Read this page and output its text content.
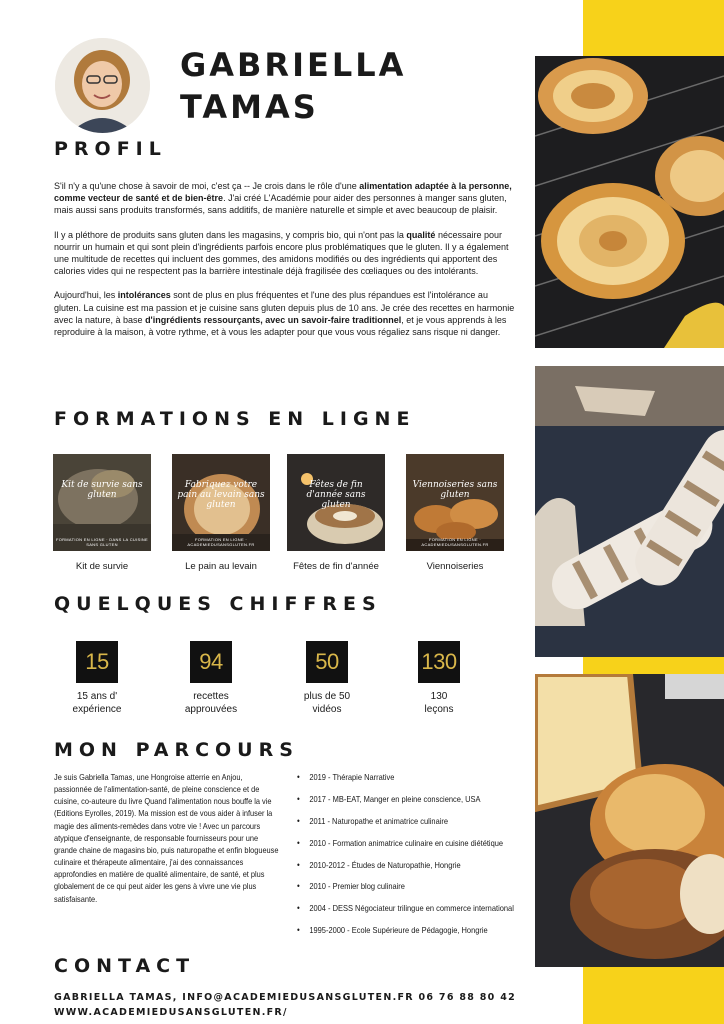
GABRIELLA
TAMAS
PROFIL

S'il n'y a qu'une chose à savoir de moi, c'est ça -- Je crois dans le rôle d'une alimentation adaptée à la personne, comme vecteur de santé et de bien-être. J'ai créé L'Académie pour aider des personnes à manger sans gluten, mais aussi sans produits transformés, sans additifs, de manière naturelle et simple et avec beaucoup de plaisir.

Il y a pléthore de produits sans gluten dans les magasins, y compris bio, qui n'ont pas la qualité nécessaire pour nourrir un humain et qui sont plein d'ingrédients parfois encore plus problématiques que le gluten. Il y a également une multitude de recettes qui incluent des gommes, des amidons modifiés ou des ingrédients qui apportent des calories vides qui ne respectent pas la barrière intestinale déjà fragilisée des cœliaques ou des intolérants.

Aujourd'hui, les intolérances sont de plus en plus fréquentes et l'une des plus répandues est l'intolérance au gluten. La cuisine est ma passion et je cuisine sans gluten depuis plus de 10 ans. Je crée des recettes en harmonie avec la nature, à base d'ingrédients ressourçants, avec un savoir-faire traditionnel, et je vous apprends à les reproduire à la maison, à votre rythme, et à vous les adapter pour que vous vous régaliez sans risque ni danger.

FORMATIONS EN LIGNE
Kit de survie sans gluten
FORMATION EN LIGNE · DANS LA CUISINE SANS GLUTEN
Kit de survie
Fabriquez votre pain au levain sans gluten
FORMATION EN LIGNE · ACADEMIEDUSANSGLUTEN.FR
Le pain au levain
Fêtes de fin d'année sans gluten
Fêtes de fin d'année
Viennoiseries sans gluten
FORMATION EN LIGNE · ACADEMIEDUSANSGLUTEN.FR
Viennoiseries
QUELQUES CHIFFRES
15
15 ans d'
expérience
94
recettes
approuvées
50
plus de 50
vidéos
130
130
leçons
MON PARCOURS
Je suis Gabriella Tamas, une Hongroise atterrie en Anjou, passionnée de l'alimentation-santé, de pleine conscience et de cuisine, co-auteure du livre Quand l'alimentation nous bouffe la vie (Editions Eyrolles, 2019). Ma mission est de vous aider à infuser la magie des aliments-remèdes dans votre vie ! Avec un parcours atypique d'enseignante, de responsable fournisseurs pour une grande chaine de magasins bio, puis naturopathe et enfin blogueuse culinaire et thérapeute alimentaire, j'ai des connaissances approfondies en matière de qualité alimentaire, de santé, et plus globalement de ce qui peut aider les gens à vivre une vie plus satisfaisante.
• 2019 - Thérapie Narrative
• 2017 - MB-EAT, Manger en pleine conscience, USA
• 2011 - Naturopathe et animatrice culinaire
• 2010 - Formation animatrice culinaire en cuisine diététique
• 2010-2012 - Études de Naturopathie, Hongrie
• 2010 - Premier blog culinaire
• 2004 - DESS Négociateur trilingue en commerce international
• 1995-2000 - Ecole Supérieure de Pédagogie, Hongrie
CONTACT
GABRIELLA TAMAS, INFO@ACADEMIEDUSANSGLUTEN.FR 06 76 88 80 42
WWW.ACADEMIEDUSANSGLUTEN.FR/
